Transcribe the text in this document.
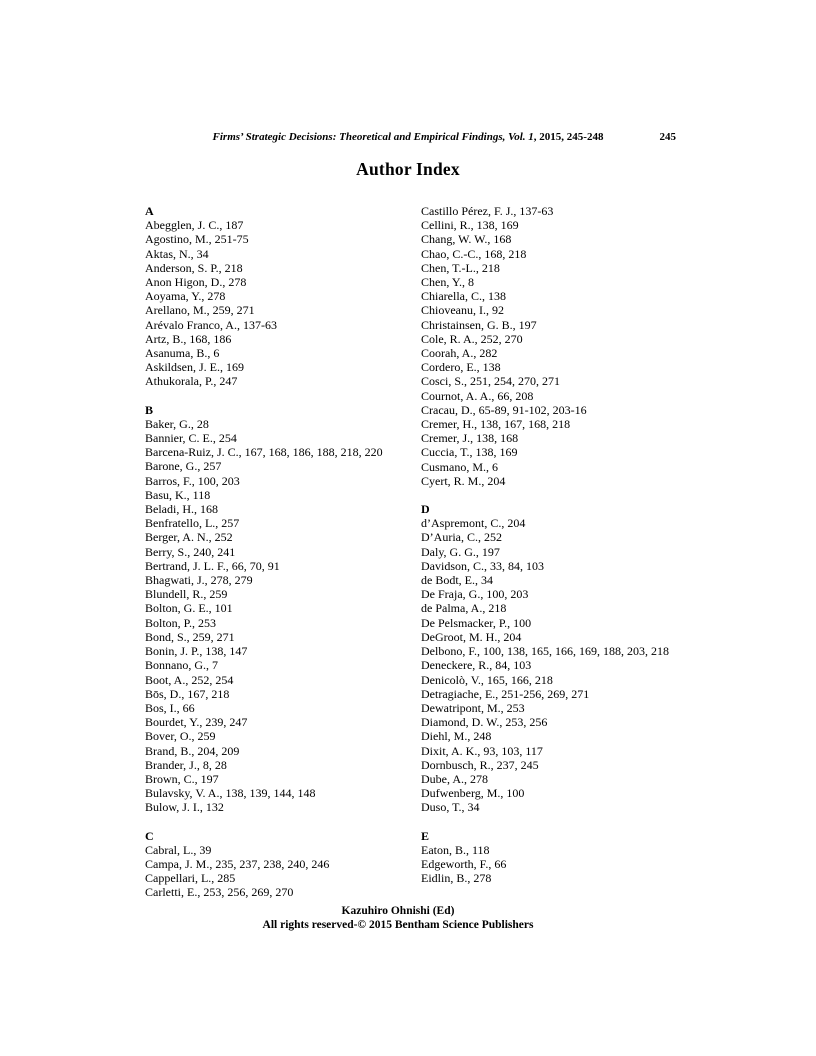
Firms’ Strategic Decisions: Theoretical and Empirical Findings, Vol. 1, 2015, 245-248	245
Author Index
A
Abegglen, J. C., 187
Agostino, M., 251-75
Aktas, N., 34
Anderson, S. P., 218
Anon Higon, D., 278
Aoyama, Y., 278
Arellano, M., 259, 271
Arévalo Franco, A., 137-63
Artz, B., 168, 186
Asanuma, B., 6
Askildsen, J. E., 169
Athukorala, P., 247
B
Baker, G., 28
Bannier, C. E., 254
Barcena-Ruiz, J. C., 167, 168, 186, 188, 218, 220
Barone, G., 257
Barros, F., 100, 203
Basu, K., 118
Beladi, H., 168
Benfratello, L., 257
Berger, A. N., 252
Berry, S., 240, 241
Bertrand, J. L. F., 66, 70, 91
Bhagwati, J., 278, 279
Blundell, R., 259
Bolton, G. E., 101
Bolton, P., 253
Bond, S., 259, 271
Bonin, J. P., 138, 147
Bonnano, G., 7
Boot, A., 252, 254
Bōs, D., 167, 218
Bos, I., 66
Bourdet, Y., 239, 247
Bover, O., 259
Brand, B., 204, 209
Brander, J., 8, 28
Brown, C., 197
Bulavsky, V. A., 138, 139, 144, 148
Bulow, J. I., 132
C
Cabral, L., 39
Campa, J. M., 235, 237, 238, 240, 246
Cappellari, L., 285
Carletti, E., 253, 256, 269, 270
Castillo Pérez, F. J., 137-63
Cellini, R., 138, 169
Chang, W. W., 168
Chao, C.-C., 168, 218
Chen, T.-L., 218
Chen, Y., 8
Chiarella, C., 138
Chioveanu, I., 92
Christainsen, G. B., 197
Cole, R. A., 252, 270
Coorah, A., 282
Cordero, E., 138
Cosci, S., 251, 254, 270, 271
Cournot, A. A., 66, 208
Cracau, D., 65-89, 91-102, 203-16
Cremer, H., 138, 167, 168, 218
Cremer, J., 138, 168
Cuccia, T., 138, 169
Cusmano, M., 6
Cyert, R. M., 204
D
d’Aspremont, C., 204
D’Auria, C., 252
Daly, G. G., 197
Davidson, C., 33, 84, 103
de Bodt, E., 34
De Fraja, G., 100, 203
de Palma, A., 218
De Pelsmacker, P., 100
DeGroot, M. H., 204
Delbono, F., 100, 138, 165, 166, 169, 188, 203, 218
Deneckere, R., 84, 103
Denicolò, V., 165, 166, 218
Detragiache, E., 251-256, 269, 271
Dewatripont, M., 253
Diamond, D. W., 253, 256
Diehl, M., 248
Dixit, A. K., 93, 103, 117
Dornbusch, R., 237, 245
Dube, A., 278
Dufwenberg, M., 100
Duso, T., 34
E
Eaton, B., 118
Edgeworth, F., 66
Eidlin, B., 278
Kazuhiro Ohnishi (Ed)
All rights reserved-© 2015 Bentham Science Publishers
